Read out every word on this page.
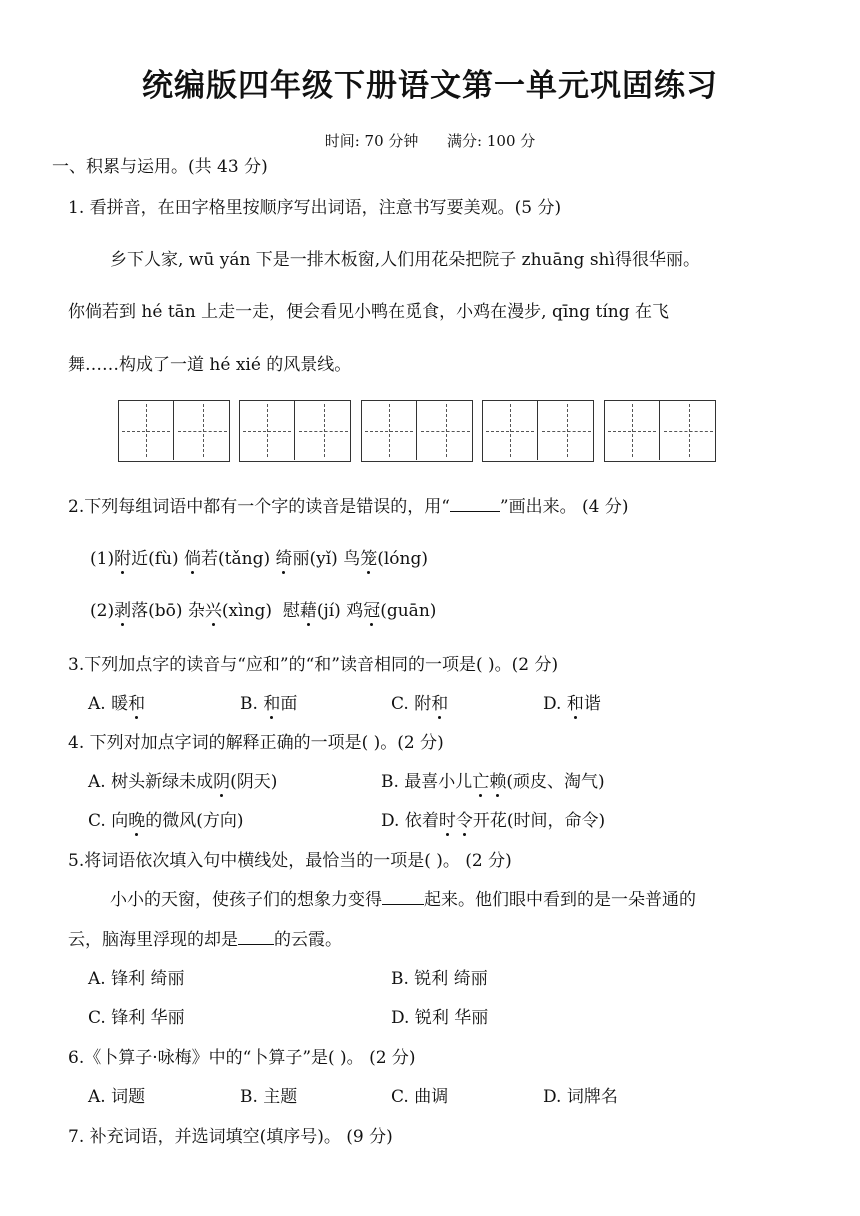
统编版四年级下册语文第一单元巩固练习
时间: 70 分钟 满分: 100 分
一、积累与运用。(共 43 分)
1. 看拼音，在田字格里按顺序写出词语，注意书写要美观。(5 分)
乡下人家, wū yán 下是一排木板窗,人们用花朵把院子 zhuāng shì得很华丽。
你倘若到 hé tān 上走一走，便会看见小鸭在觅食，小鸡在漫步, qīng tíng 在飞
舞……构成了一道 hé xié 的风景线。
2.下列每组词语中都有一个字的读音是错误的，用“	”画出来。 (4 分)
(1)附近(fù) 倘若(tǎng) 绮丽(yǐ) 鸟笼(lóng)
(2)剥落(bō) 杂兴(xìng) 慰藉(jí) 鸡冠(guān)
3.下列加点字的读音与“应和”的“和”读音相同的一项是( )。(2 分)
A. 暖和	B. 和面	C. 附和	D. 和谐
4. 下列对加点字词的解释正确的一项是( )。(2 分)
A. 树头新绿未成阴(阴天)	B. 最喜小儿亡赖(顽皮、淘气)
C. 向晚的微风(方向)	D. 依着时令开花(时间，命令)
5.将词语依次填入句中横线处，最恰当的一项是( )。 (2 分)
小小的天窗，使孩子们的想象力变得 起来。他们眼中看到的是一朵普通的
云，脑海里浮现的却是 的云霞。
A. 锋利 绮丽	B. 锐利 绮丽
C. 锋利 华丽	D. 锐利 华丽
6.《卜算子·咏梅》中的“卜算子”是( )。 (2 分)
A. 词题	B. 主题	C. 曲调	D. 词牌名
7. 补充词语，并选词填空(填序号)。 (9 分)
